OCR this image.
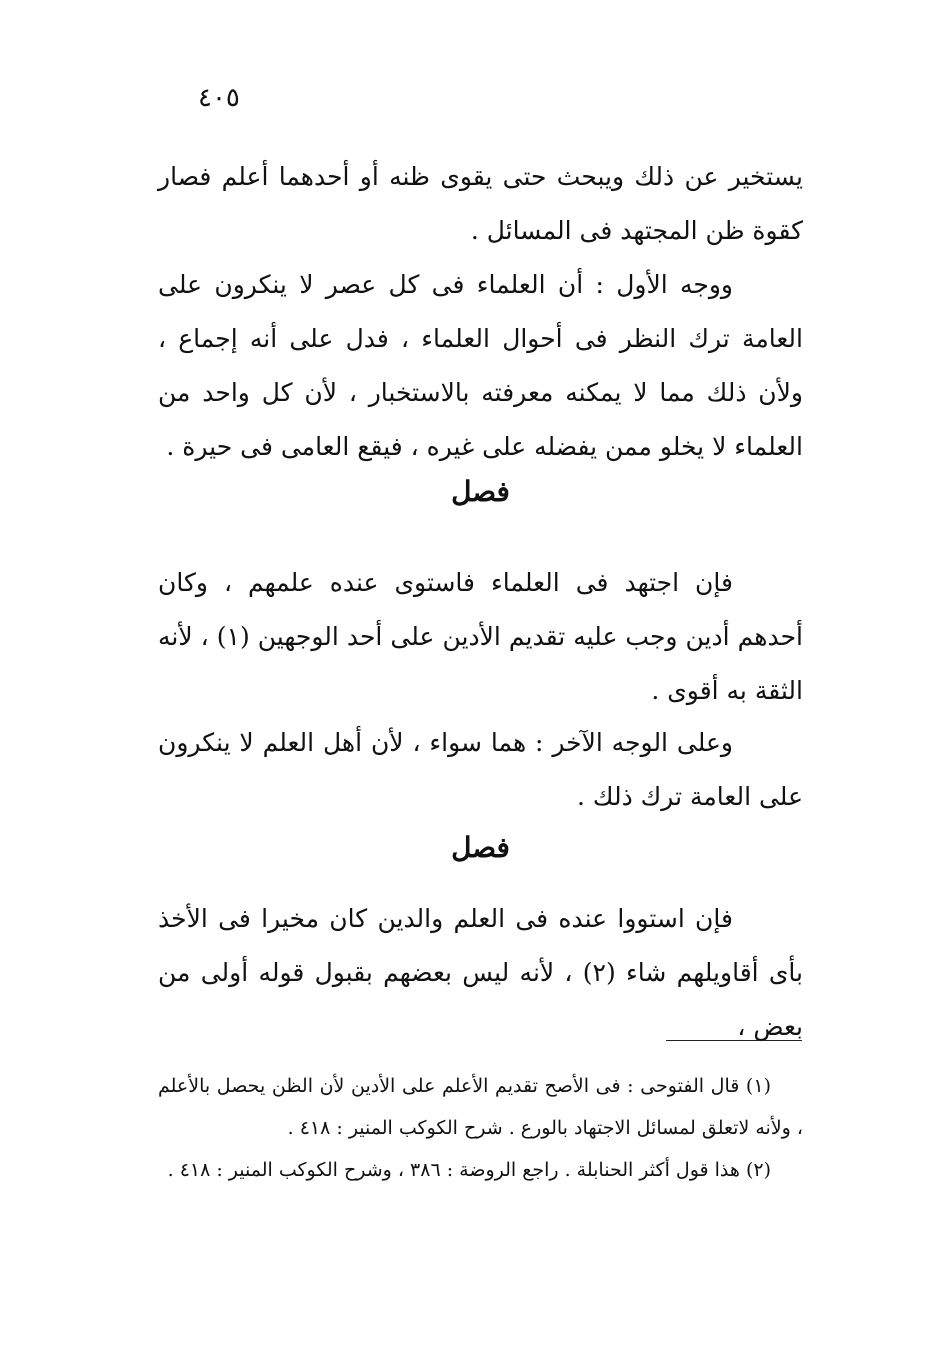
٤٠٥

يستخير عن ذلك ويبحث حتى يقوى ظنه أو أحدهما أعلم فصار كقوة ظن المجتهد فى المسائل .

ووجه الأول : أن العلماء فى كل عصر لا ينكرون على العامة ترك النظر فى أحوال العلماء ، فدل على أنه إجماع ، ولأن ذلك مما لا يمكنه معرفته بالاستخبار ، لأن كل واحد من العلماء لا يخلو ممن يفضله على غيره ، فيقع العامى فى حيرة .

فصل

فإن اجتهد فى العلماء فاستوى عنده علمهم ، وكان أحدهم أدين وجب عليه تقديم الأدين على أحد الوجهين (١) ، لأنه الثقة به أقوى .

وعلى الوجه الآخر : هما سواء ، لأن أهل العلم لا ينكرون على العامة ترك ذلك .

فصل

فإن استووا عنده فى العلم والدين كان مخيرا فى الأخذ بأى أقاويلهم شاء (٢) ، لأنه ليس بعضهم بقبول قوله أولى من بعض ،

(١) قال الفتوحى : فى الأصح تقديم الأعلم على الأدين لأن الظن يحصل بالأعلم ، ولأنه لاتعلق لمسائل الاجتهاد بالورع . شرح الكوكب المنير : ٤١٨ .

(٢) هذا قول أكثر الحنابلة . راجع الروضة : ٣٨٦ ، وشرح الكوكب المنير : ٤١٨ .
